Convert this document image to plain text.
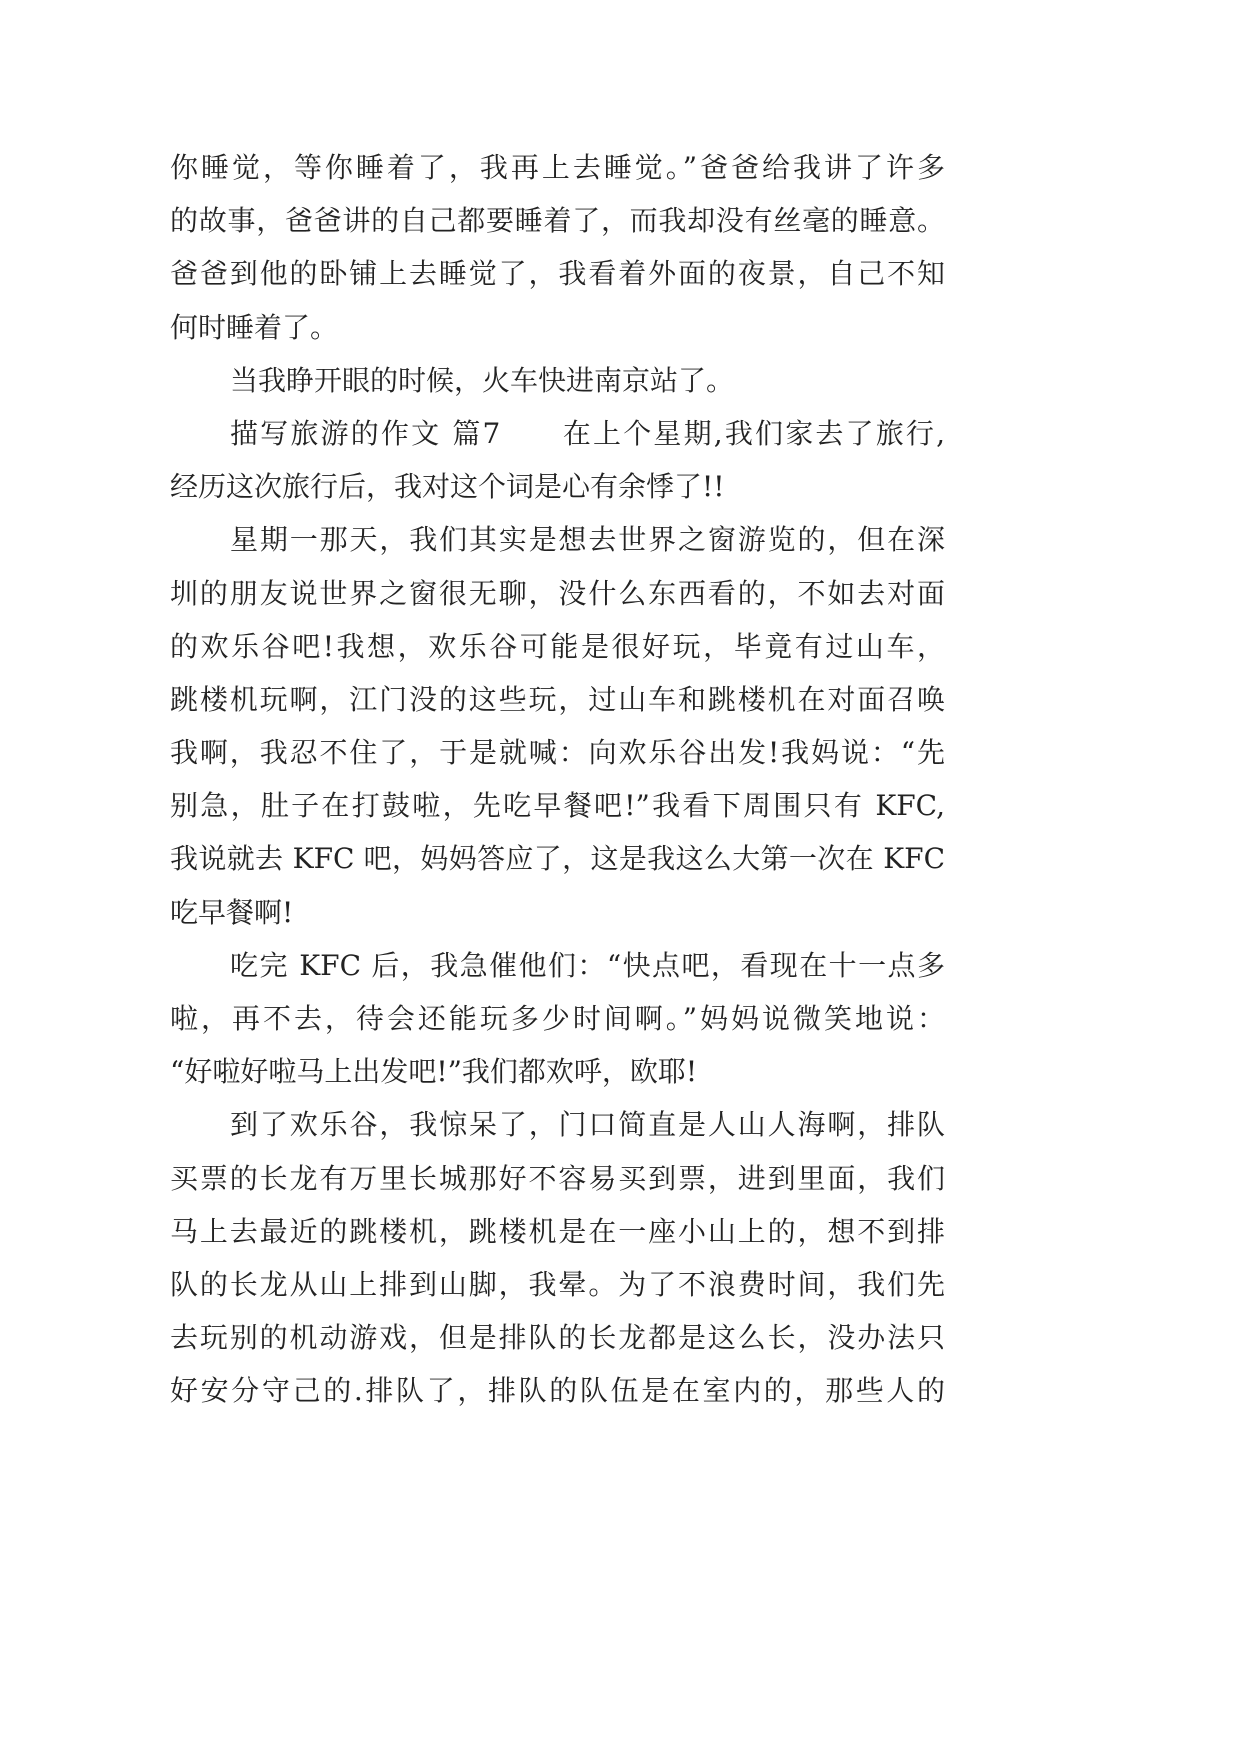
你睡觉，等你睡着了，我再上去睡觉。”爸爸给我讲了许多
的故事，爸爸讲的自己都要睡着了，而我却没有丝毫的睡意。
爸爸到他的卧铺上去睡觉了，我看着外面的夜景，自己不知
何时睡着了。
当我睁开眼的时候，火车快进南京站了。
描写旅游的作文 篇7　　在上个星期,我们家去了旅行,
经历这次旅行后，我对这个词是心有余悸了!!
星期一那天，我们其实是想去世界之窗游览的，但在深
圳的朋友说世界之窗很无聊，没什么东西看的，不如去对面
的欢乐谷吧!我想，欢乐谷可能是很好玩，毕竟有过山车，
跳楼机玩啊，江门没的这些玩，过山车和跳楼机在对面召唤
我啊，我忍不住了，于是就喊：向欢乐谷出发!我妈说：“先
别急，肚子在打鼓啦，先吃早餐吧!”我看下周围只有 KFC,
我说就去 KFC 吧，妈妈答应了，这是我这么大第一次在 KFC
吃早餐啊!
吃完 KFC 后，我急催他们：“快点吧，看现在十一点多
啦，再不去，待会还能玩多少时间啊。”妈妈说微笑地说：
“好啦好啦马上出发吧!”我们都欢呼，欧耶!
到了欢乐谷，我惊呆了，门口简直是人山人海啊，排队
买票的长龙有万里长城那好不容易买到票，进到里面，我们
马上去最近的跳楼机，跳楼机是在一座小山上的，想不到排
队的长龙从山上排到山脚，我晕。为了不浪费时间，我们先
去玩别的机动游戏，但是排队的长龙都是这么长，没办法只
好安分守己的.排队了，排队的队伍是在室内的，那些人的
